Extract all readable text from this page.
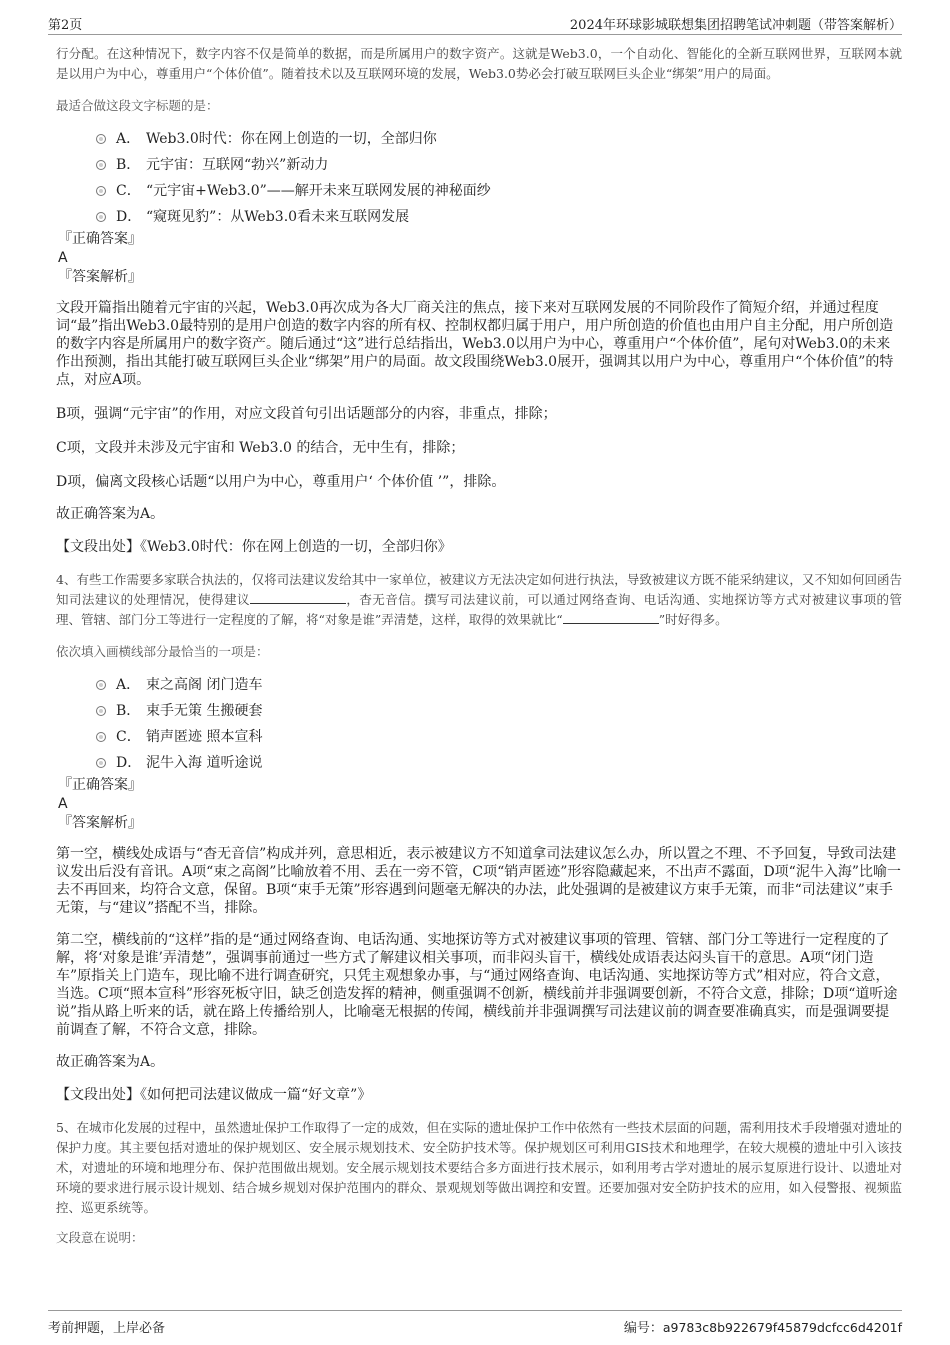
第2页	2024年环球影城联想集团招聘笔试冲刺题（带答案解析）
行分配。在这种情况下，数字内容不仅是简单的数据，而是所属用户的数字资产。这就是Web3.0，一个自动化、智能化的全新互联网世界，互联网本就是以用户为中心，尊重用户“个体价值”。随着技术以及互联网环境的发展，Web3.0势必会打破互联网巨头企业“绑架”用户的局面。
最适合做这段文字标题的是：
A． Web3.0时代：你在网上创造的一切，全部归你
B． 元宇宙：互联网“勃兴”新动力
C． “元宇宙+Web3.0”——解开未来互联网发展的神秘面纱
D． “窥斑见豹”：从Web3.0看未来互联网发展
『正确答案』
A
『答案解析』
文段开篇指出随着元宇宙的兴起，Web3.0再次成为各大厂商关注的焦点，接下来对互联网发展的不同阶段作了简短介绍，并通过程度词“最”指出Web3.0最特别的是用户创造的数字内容的所有权、控制权都归属于用户，用户所创造的价值也由用户自主分配，用户所创造的数字内容是所属用户的数字资产。随后通过“这”进行总结指出，Web3.0以用户为中心，尊重用户“个体价值”，尾句对Web3.0的未来作出预测，指出其能打破互联网巨头企业“绑架”用户的局面。故文段围绕Web3.0展开，强调其以用户为中心，尊重用户“个体价值”的特点，对应A项。
B项，强调“元宇宙”的作用，对应文段首句引出话题部分的内容，非重点，排除；
C项，文段并未涉及元宇宙和 Web3.0 的结合，无中生有，排除；
D项，偏离文段核心话题“以用户为中心，尊重用户‘ 个体价值 ’”，排除。
故正确答案为A。
【文段出处】《Web3.0时代：你在网上创造的一切，全部归你》
4、有些工作需要多家联合执法的，仅将司法建议发给其中一家单位，被建议方无法决定如何进行执法，导致被建议方既不能采纳建议，又不知如何回函告知司法建议的处理情况，使得建议	，杳无音信。撰写司法建议前，可以通过网络查询、电话沟通、实地探访等方式对被建议事项的管理、管辖、部门分工等进行一定程度的了解，将“对象是谁”弄清楚，这样，取得的效果就比“	”时好得多。
依次填入画横线部分最恰当的一项是：
A． 束之高阁 闭门造车
B． 束手无策 生搬硬套
C． 销声匿迹 照本宣科
D． 泥牛入海 道听途说
『正确答案』
A
『答案解析』
第一空，横线处成语与“杳无音信”构成并列，意思相近，表示被建议方不知道拿司法建议怎么办，所以置之不理、不予回复，导致司法建议发出后没有音讯。A项“束之高阁”比喻放着不用、丢在一旁不管，C项“销声匿迹”形容隐藏起来，不出声不露面，D项“泥牛入海”比喻一去不再回来，均符合文意，保留。B项“束手无策”形容遇到问题毫无解决的办法，此处强调的是被建议方束手无策，而非“司法建议”束手无策，与“建议”搭配不当，排除。
第二空，横线前的“这样”指的是“通过网络查询、电话沟通、实地探访等方式对被建议事项的管理、管辖、部门分工等进行一定程度的了解，将‘对象是谁’弄清楚”，强调事前通过一些方式了解建议相关事项，而非闷头盲干，横线处成语表达闷头盲干的意思。A项“闭门造车”原指关上门造车，现比喻不进行调查研究，只凭主观想象办事，与“通过网络查询、电话沟通、实地探访等方式”相对应，符合文意，当选。C项“照本宣科”形容死板守旧，缺乏创造发挥的精神，侧重强调不创新，横线前并非强调要创新，不符合文意，排除；D项“道听途说”指从路上听来的话，就在路上传播给别人，比喻毫无根据的传闻，横线前并非强调撰写司法建议前的调查要准确真实，而是强调要提前调查了解，不符合文意，排除。
故正确答案为A。
【文段出处】《如何把司法建议做成一篇“好文章”》
5、在城市化发展的过程中，虽然遗址保护工作取得了一定的成效，但在实际的遗址保护工作中依然有一些技术层面的问题，需利用技术手段增强对遗址的保护力度。其主要包括对遗址的保护规划区、安全展示规划技术、安全防护技术等。保护规划区可利用GIS技术和地理学，在较大规模的遗址中引入该技术，对遗址的环境和地理分布、保护范围做出规划。安全展示规划技术要结合多方面进行技术展示，如利用考古学对遗址的展示复原进行设计、以遗址对环境的要求进行展示设计规划、结合城乡规划对保护范围内的群众、景观规划等做出调控和安置。还要加强对安全防护技术的应用，如入侵警报、视频监控、巡更系统等。
文段意在说明：
考前押题，上岸必备	编号：a9783c8b922679f45879dcfcc6d4201f
